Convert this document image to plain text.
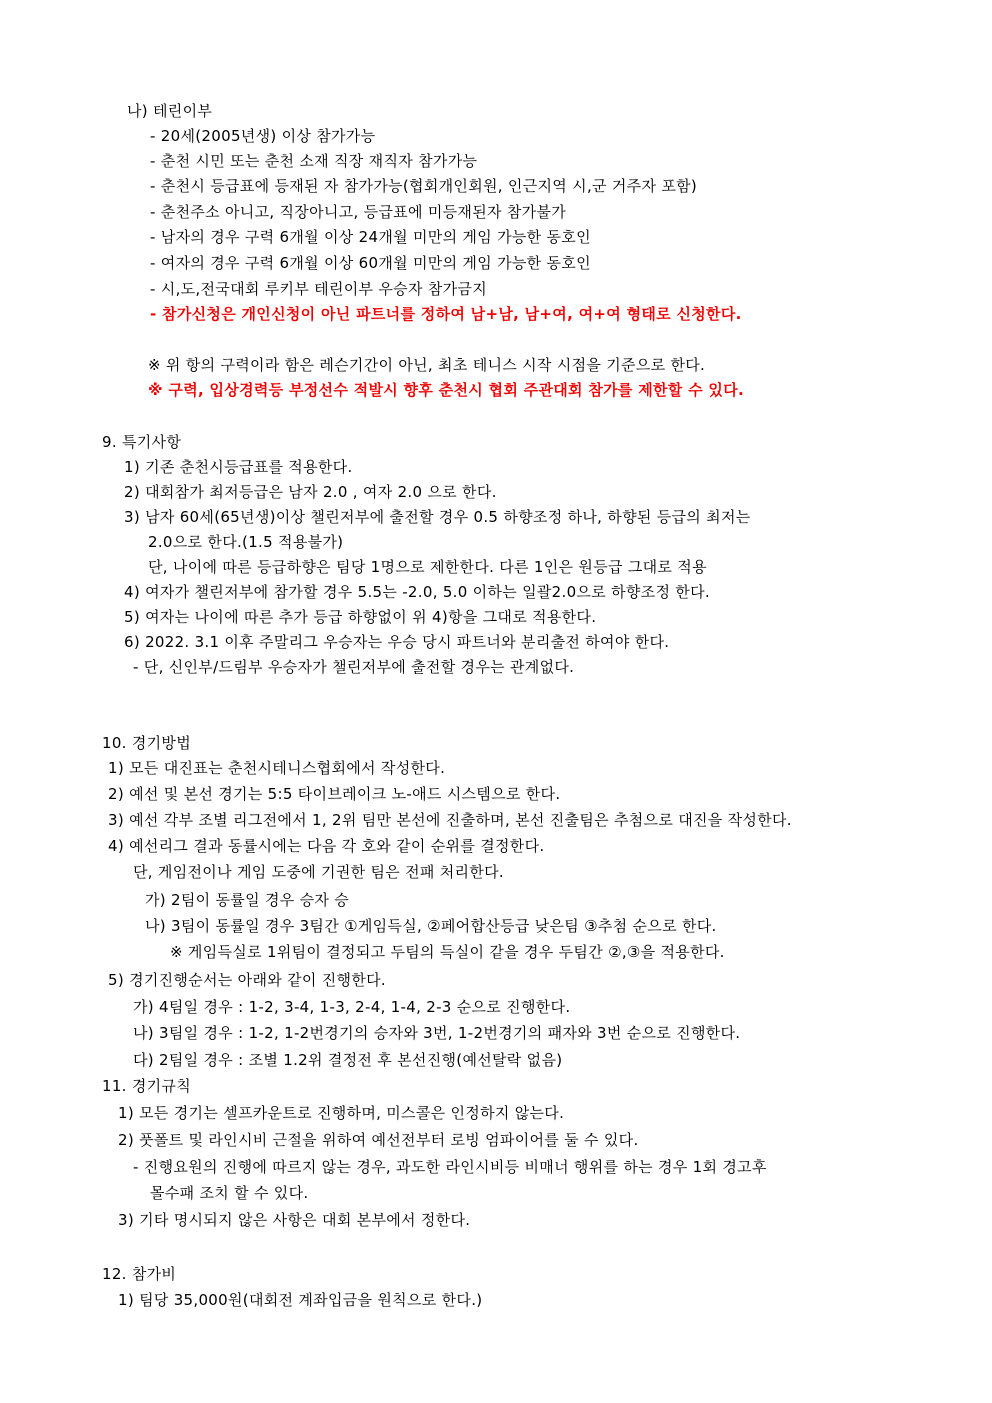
나) 테린이부
- 20세(2005년생) 이상 참가가능
- 춘천 시민 또는 춘천 소재 직장 재직자 참가가능
- 춘천시 등급표에 등재된 자 참가가능(협회개인회원, 인근지역 시,군 거주자 포함)
- 춘천주소 아니고, 직장아니고, 등급표에 미등재된자 참가불가
- 남자의 경우 구력 6개월 이상 24개월 미만의 게임 가능한 동호인
- 여자의 경우 구력 6개월 이상 60개월 미만의 게임 가능한 동호인
- 시,도,전국대회 루키부 테린이부 우승자 참가금지
- 참가신청은 개인신청이 아닌 파트너를 정하여 남+남, 남+여, 여+여 형태로 신청한다.
※ 위 항의 구력이라 함은 레슨기간이 아닌, 최초 테니스 시작 시점을 기준으로 한다.
※ 구력, 입상경력등 부정선수 적발시 향후 춘천시 협회 주관대회 참가를 제한할 수 있다.
9. 특기사항
1) 기존 춘천시등급표를 적용한다.
2) 대회참가 최저등급은 남자 2.0 , 여자 2.0 으로 한다.
3) 남자 60세(65년생)이상 챌린저부에 출전할 경우 0.5 하향조정 하나, 하향된 등급의 최저는
2.0으로 한다.(1.5 적용불가)
단, 나이에 따른 등급하향은 팀당 1명으로 제한한다. 다른 1인은 원등급 그대로 적용
4) 여자가 챌린저부에 참가할 경우 5.5는 -2.0, 5.0 이하는 일괄2.0으로 하향조정 한다.
5) 여자는 나이에 따른 추가 등급 하향없이 위 4)항을 그대로 적용한다.
6) 2022. 3.1 이후 주말리그 우승자는 우승 당시 파트너와 분리출전 하여야 한다.
- 단, 신인부/드림부 우승자가 챌린저부에 출전할 경우는 관계없다.
10. 경기방법
1) 모든 대진표는 춘천시테니스협회에서 작성한다.
2) 예선 및 본선 경기는 5:5 타이브레이크 노-애드 시스템으로 한다.
3) 예선 각부 조별 리그전에서 1, 2위 팀만 본선에 진출하며, 본선 진출팀은 추첨으로 대진을 작성한다.
4) 예선리그 결과 동률시에는 다음 각 호와 같이 순위를 결정한다.
단, 게임전이나 게임 도중에 기권한 팀은 전패 처리한다.
가) 2팀이 동률일 경우 승자 승
나) 3팀이 동률일 경우 3팀간 ①게임득실, ②페어합산등급 낮은팀 ③추첨 순으로 한다.
※ 게임득실로 1위팀이 결정되고 두팀의 득실이 같을 경우 두팀간 ②,③을 적용한다.
5) 경기진행순서는 아래와 같이 진행한다.
가) 4팀일 경우 : 1-2, 3-4, 1-3, 2-4, 1-4, 2-3 순으로 진행한다.
나) 3팀일 경우 : 1-2, 1-2번경기의 승자와 3번, 1-2번경기의 패자와 3번 순으로 진행한다.
다) 2팀일 경우 : 조별 1.2위 결정전 후 본선진행(예선탈락 없음)
11. 경기규칙
1) 모든 경기는 셀프카운트로 진행하며, 미스콜은 인정하지 않는다.
2) 풋폴트 및 라인시비 근절을 위하여 예선전부터 로빙 엄파이어를 둘 수 있다.
- 진행요원의 진행에 따르지 않는 경우, 과도한 라인시비등 비매너 행위를 하는 경우 1회 경고후
몰수패 조치 할 수 있다.
3) 기타 명시되지 않은 사항은 대회 본부에서 정한다.
12. 참가비
1) 팀당 35,000원(대회전 계좌입금을 원칙으로 한다.)
